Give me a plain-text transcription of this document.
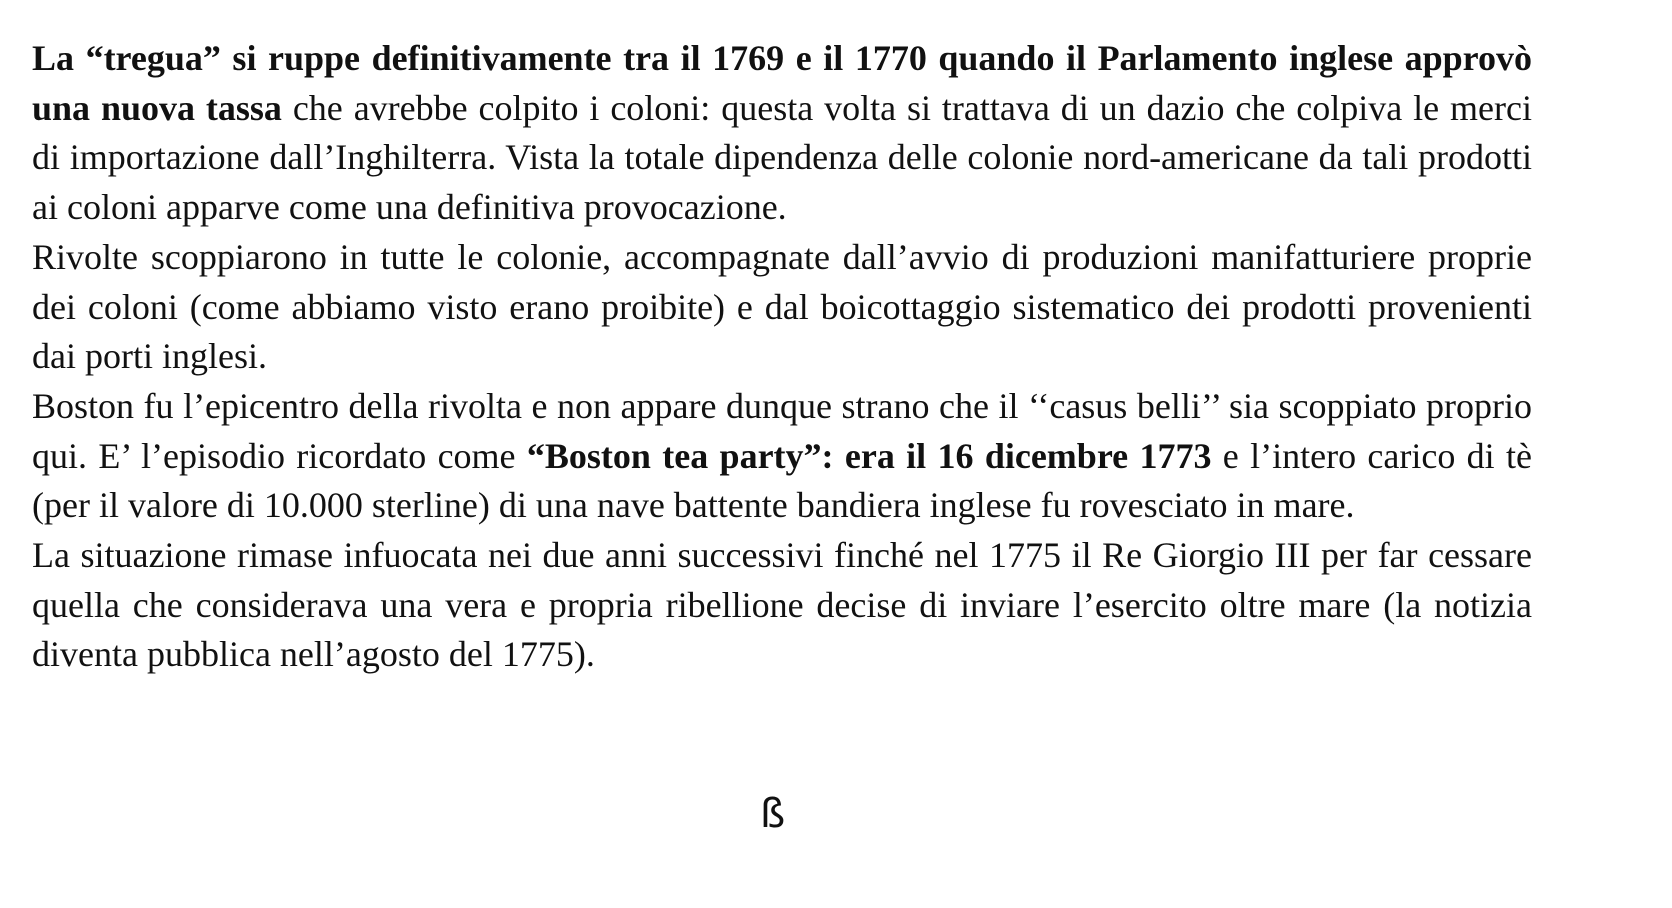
La “tregua” si ruppe definitivamente tra il 1769 e il 1770 quando il Parlamento inglese approvò una nuova tassa che avrebbe colpito i coloni: questa volta si trattava di un dazio che colpiva le merci di importazione dall’Inghilterra. Vista la totale dipendenza delle colonie nord-americane da tali prodotti ai coloni apparve come una definitiva provocazione.

Rivolte scoppiarono in tutte le colonie, accompagnate dall’avvio di produzioni manifatturiere proprie dei coloni (come abbiamo visto erano proibite) e dal boicottaggio sistematico dei prodotti provenienti dai porti inglesi.

Boston fu l’epicentro della rivolta e non appare dunque strano che il ‘‘casus belli’’ sia scoppiato proprio qui. E’ l’episodio ricordato come “Boston tea party”: era il 16 dicembre 1773 e l’intero carico di tè (per il valore di 10.000 sterline) di una nave battente bandiera inglese fu rovesciato in mare.

La situazione rimase infuocata nei due anni successivi finché nel 1775 il Re Giorgio III per far cessare quella che considerava una vera e propria ribellione decise di inviare l’esercito oltre mare (la notizia diventa pubblica nell’agosto del 1775).

ß
